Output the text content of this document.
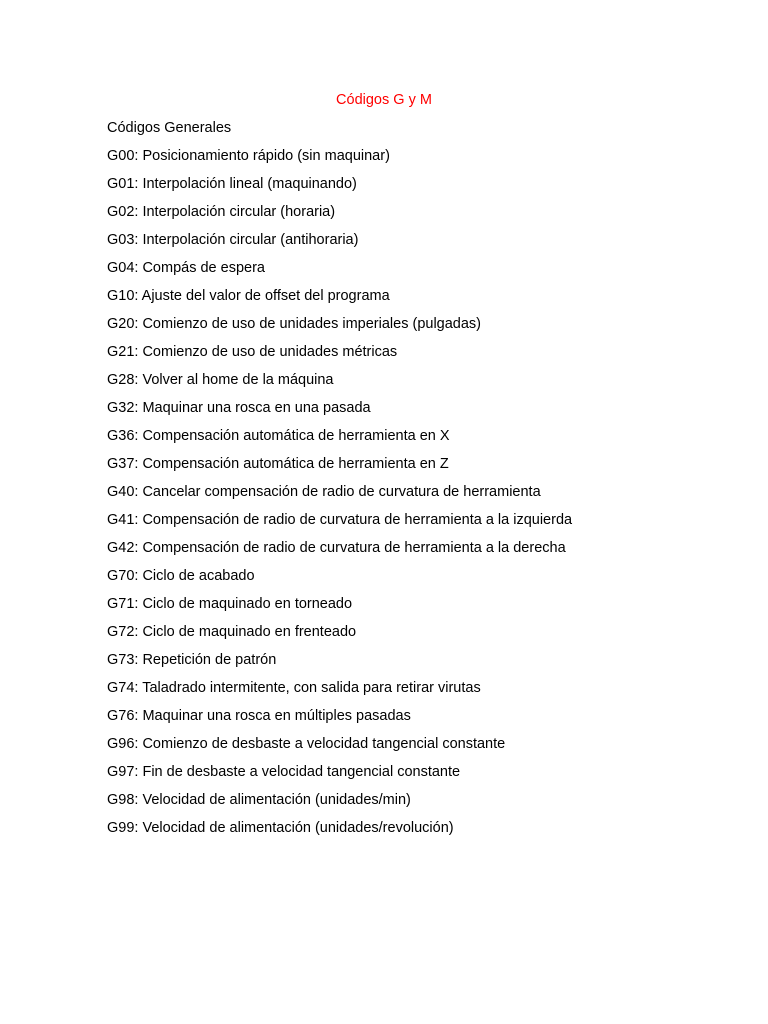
Códigos G y M
Códigos Generales
G00: Posicionamiento rápido (sin maquinar)
G01: Interpolación lineal (maquinando)
G02: Interpolación circular (horaria)
G03: Interpolación circular (antihoraria)
G04: Compás de espera
G10: Ajuste del valor de offset del programa
G20: Comienzo de uso de unidades imperiales (pulgadas)
G21: Comienzo de uso de unidades métricas
G28: Volver al home de la máquina
G32: Maquinar una rosca en una pasada
G36: Compensación automática de herramienta en X
G37: Compensación automática de herramienta en Z
G40: Cancelar compensación de radio de curvatura de herramienta
G41: Compensación de radio de curvatura de herramienta a la izquierda
G42: Compensación de radio de curvatura de herramienta a la derecha
G70: Ciclo de acabado
G71: Ciclo de maquinado en torneado
G72: Ciclo de maquinado en frenteado
G73: Repetición de patrón
G74: Taladrado intermitente, con salida para retirar virutas
G76: Maquinar una rosca en múltiples pasadas
G96: Comienzo de desbaste a velocidad tangencial constante
G97: Fin de desbaste a velocidad tangencial constante
G98: Velocidad de alimentación (unidades/min)
G99: Velocidad de alimentación (unidades/revolución)
